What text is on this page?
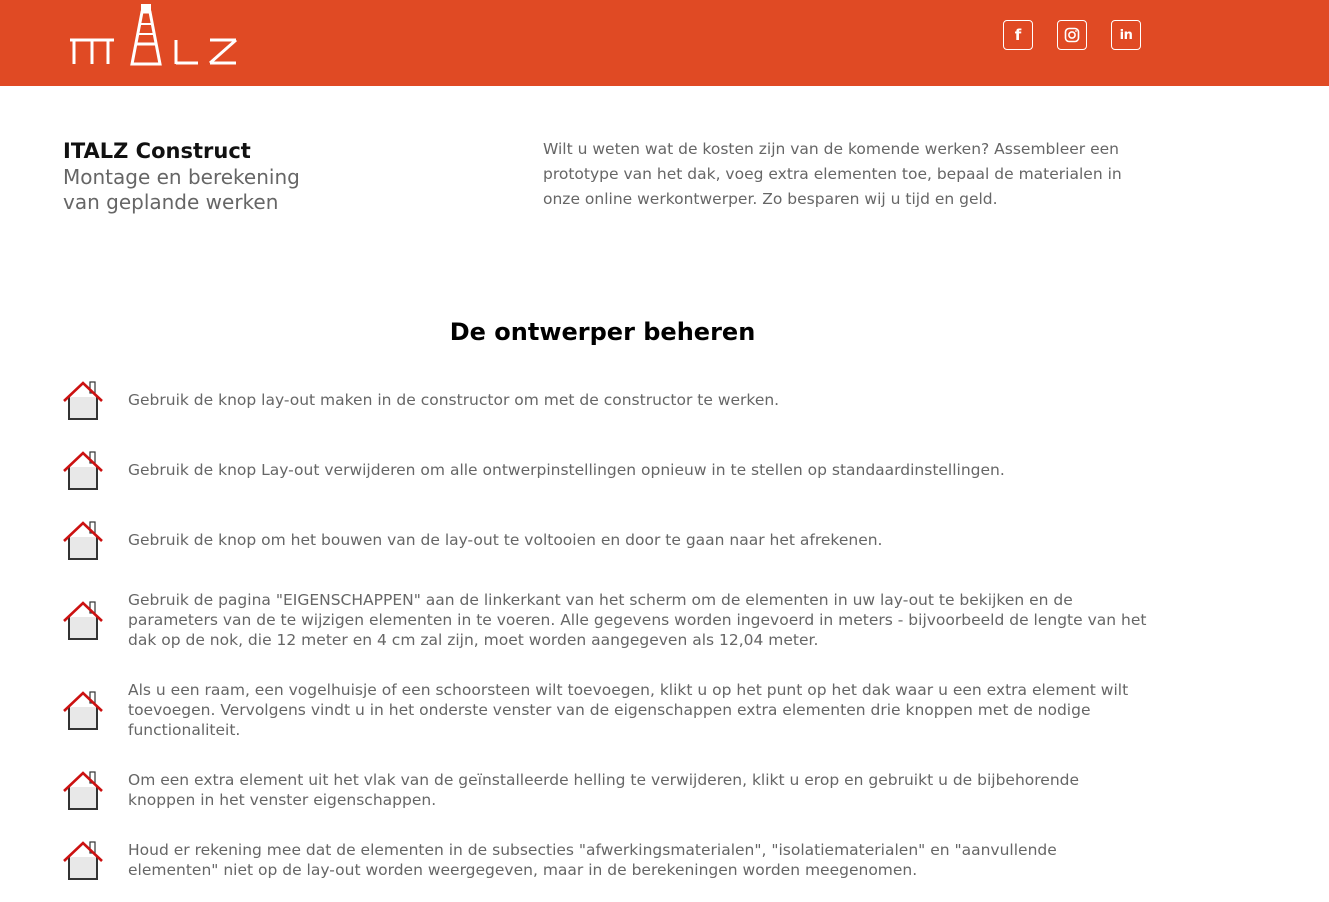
f	in
ITALZ Construct
Montage en berekening van geplande werken
Wilt u weten wat de kosten zijn van de komende werken? Assembleer een prototype van het dak, voeg extra elementen toe, bepaal de materialen in onze online werkontwerper. Zo besparen wij u tijd en geld.
De ontwerper beheren
Gebruik de knop lay-out maken in de constructor om met de constructor te werken.
Gebruik de knop Lay-out verwijderen om alle ontwerpinstellingen opnieuw in te stellen op standaardinstellingen.
Gebruik de knop om het bouwen van de lay-out te voltooien en door te gaan naar het afrekenen.
Gebruik de pagina "EIGENSCHAPPEN" aan de linkerkant van het scherm om de elementen in uw lay-out te bekijken en de parameters van de te wijzigen elementen in te voeren. Alle gegevens worden ingevoerd in meters - bijvoorbeeld de lengte van het dak op de nok, die 12 meter en 4 cm zal zijn, moet worden aangegeven als 12,04 meter.
Als u een raam, een vogelhuisje of een schoorsteen wilt toevoegen, klikt u op het punt op het dak waar u een extra element wilt toevoegen. Vervolgens vindt u in het onderste venster van de eigenschappen extra elementen drie knoppen met de nodige functionaliteit.
Om een extra element uit het vlak van de geïnstalleerde helling te verwijderen, klikt u erop en gebruikt u de bijbehorende knoppen in het venster eigenschappen.
Houd er rekening mee dat de elementen in de subsecties "afwerkingsmaterialen", "isolatiematerialen" en "aanvullende elementen" niet op de lay-out worden weergegeven, maar in de berekeningen worden meegenomen.
